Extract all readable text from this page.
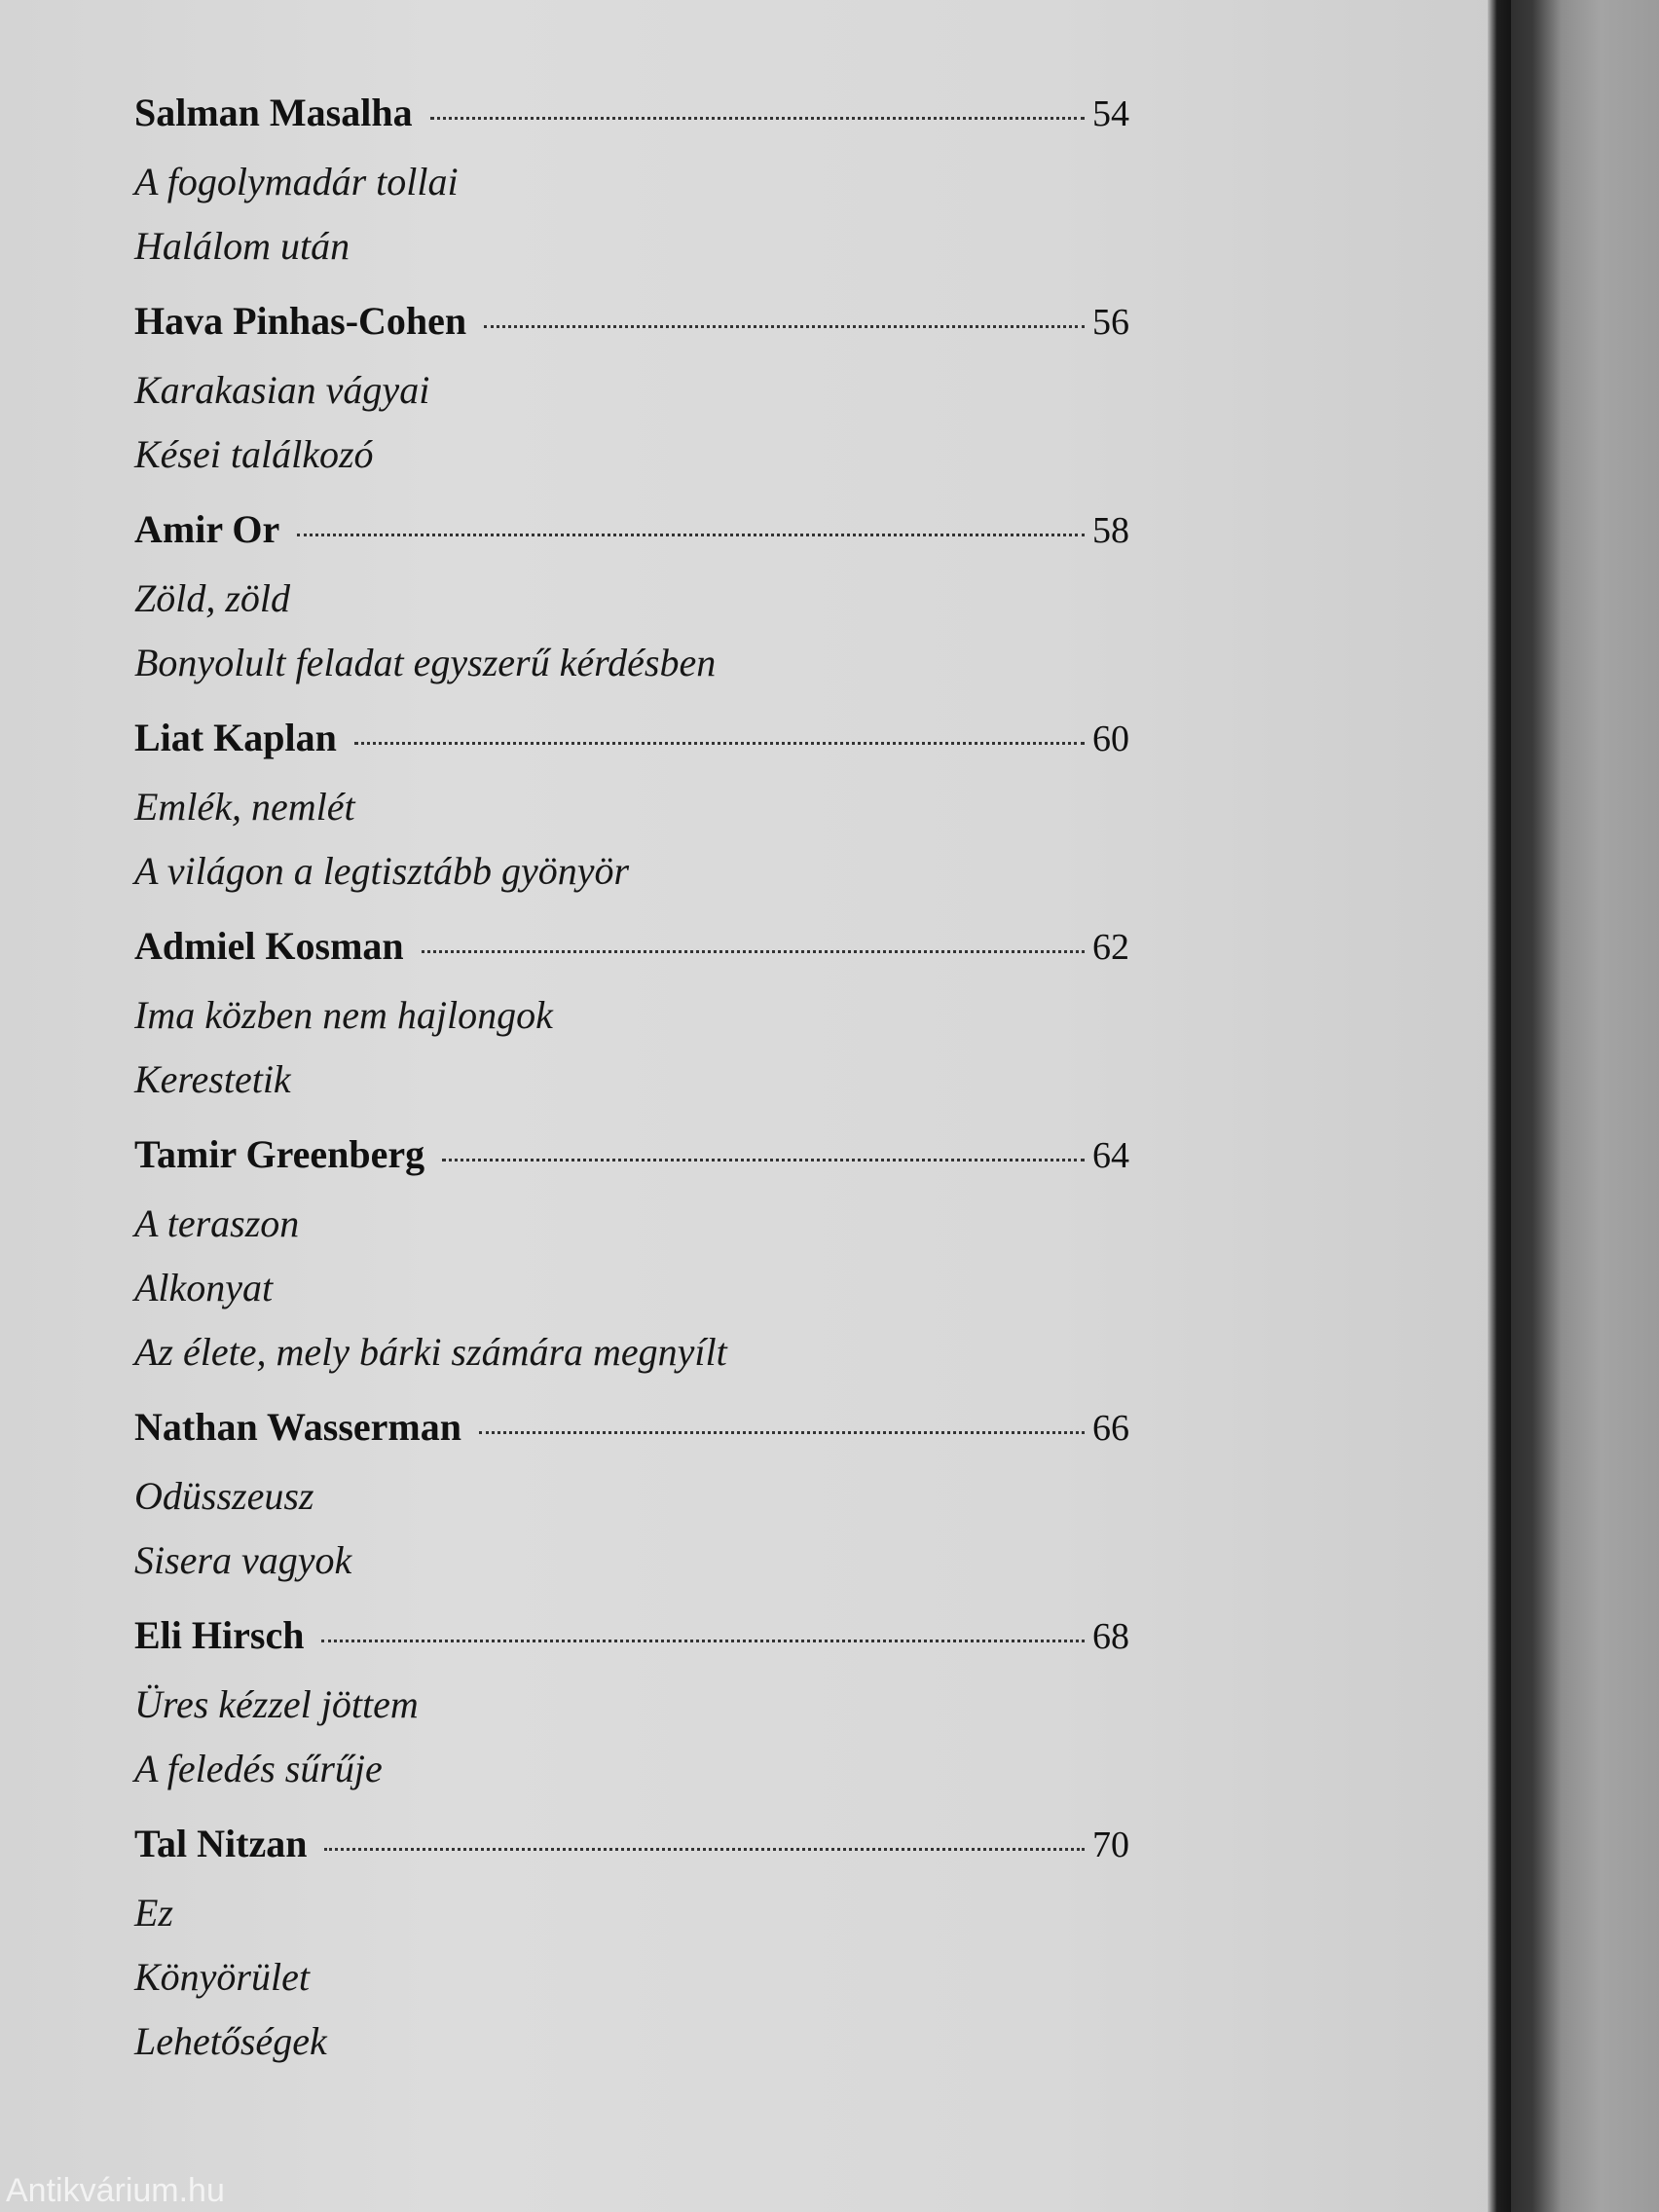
Salman Masalha	54
A fogolymadár tollai
Halálom után
Hava Pinhas-Cohen	56
Karakasian vágyai
Kései találkozó
Amir Or	58
Zöld, zöld
Bonyolult feladat egyszerű kérdésben
Liat Kaplan	60
Emlék, nemlét
A világon a legtisztább gyönyör
Admiel Kosman	62
Ima közben nem hajlongok
Kerestetik
Tamir Greenberg	64
A teraszon
Alkonyat
Az élete, mely bárki számára megnyílt
Nathan Wasserman	66
Odüsszeusz
Sisera vagyok
Eli Hirsch	68
Üres kézzel jöttem
A feledés sűrűje
Tal Nitzan	70
Ez
Könyörület
Lehetőségek
Antikvárium.hu
